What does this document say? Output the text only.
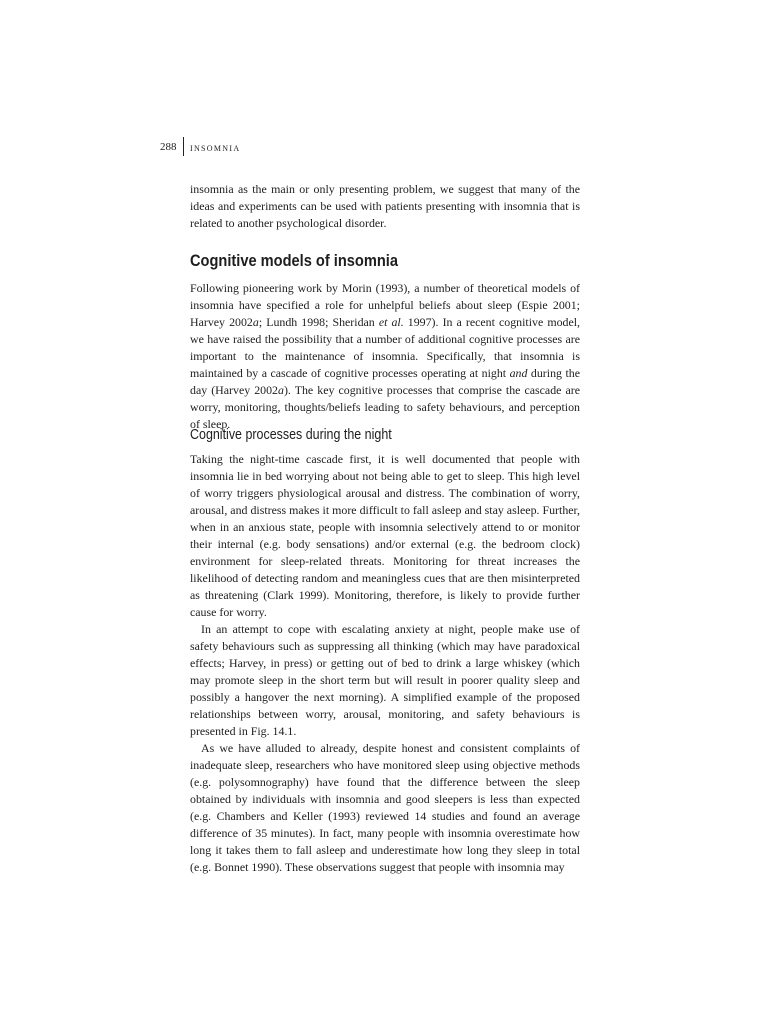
288 insomnia

insomnia as the main or only presenting problem, we suggest that many of the ideas and experiments can be used with patients presenting with insomnia that is related to another psychological disorder.

Cognitive models of insomnia

Following pioneering work by Morin (1993), a number of theoretical models of insomnia have specified a role for unhelpful beliefs about sleep (Espie 2001; Harvey 2002a; Lundh 1998; Sheridan et al. 1997). In a recent cognitive model, we have raised the possibility that a number of additional cognitive processes are important to the maintenance of insomnia. Specifically, that insomnia is maintained by a cascade of cognitive processes operating at night and during the day (Harvey 2002a). The key cognitive processes that comprise the cascade are worry, monitoring, thoughts/beliefs leading to safety behaviours, and perception of sleep.

Cognitive processes during the night

Taking the night-time cascade first, it is well documented that people with insomnia lie in bed worrying about not being able to get to sleep. This high level of worry triggers physiological arousal and distress. The combination of worry, arousal, and distress makes it more difficult to fall asleep and stay asleep. Further, when in an anxious state, people with insomnia selectively attend to or monitor their internal (e.g. body sensations) and/or external (e.g. the bedroom clock) environment for sleep-related threats. Monitoring for threat increases the likelihood of detecting random and meaningless cues that are then misinterpreted as threatening (Clark 1999). Monitoring, therefore, is likely to provide further cause for worry.

In an attempt to cope with escalating anxiety at night, people make use of safety behaviours such as suppressing all thinking (which may have paradoxical effects; Harvey, in press) or getting out of bed to drink a large whiskey (which may promote sleep in the short term but will result in poorer quality sleep and possibly a hangover the next morning). A simplified example of the proposed relationships between worry, arousal, monitoring, and safety behaviours is presented in Fig. 14.1.

As we have alluded to already, despite honest and consistent complaints of inadequate sleep, researchers who have monitored sleep using objective methods (e.g. polysomnography) have found that the difference between the sleep obtained by individuals with insomnia and good sleepers is less than expected (e.g. Chambers and Keller (1993) reviewed 14 studies and found an average difference of 35 minutes). In fact, many people with insomnia overestimate how long it takes them to fall asleep and underestimate how long they sleep in total (e.g. Bonnet 1990). These observations suggest that people with insomnia may
